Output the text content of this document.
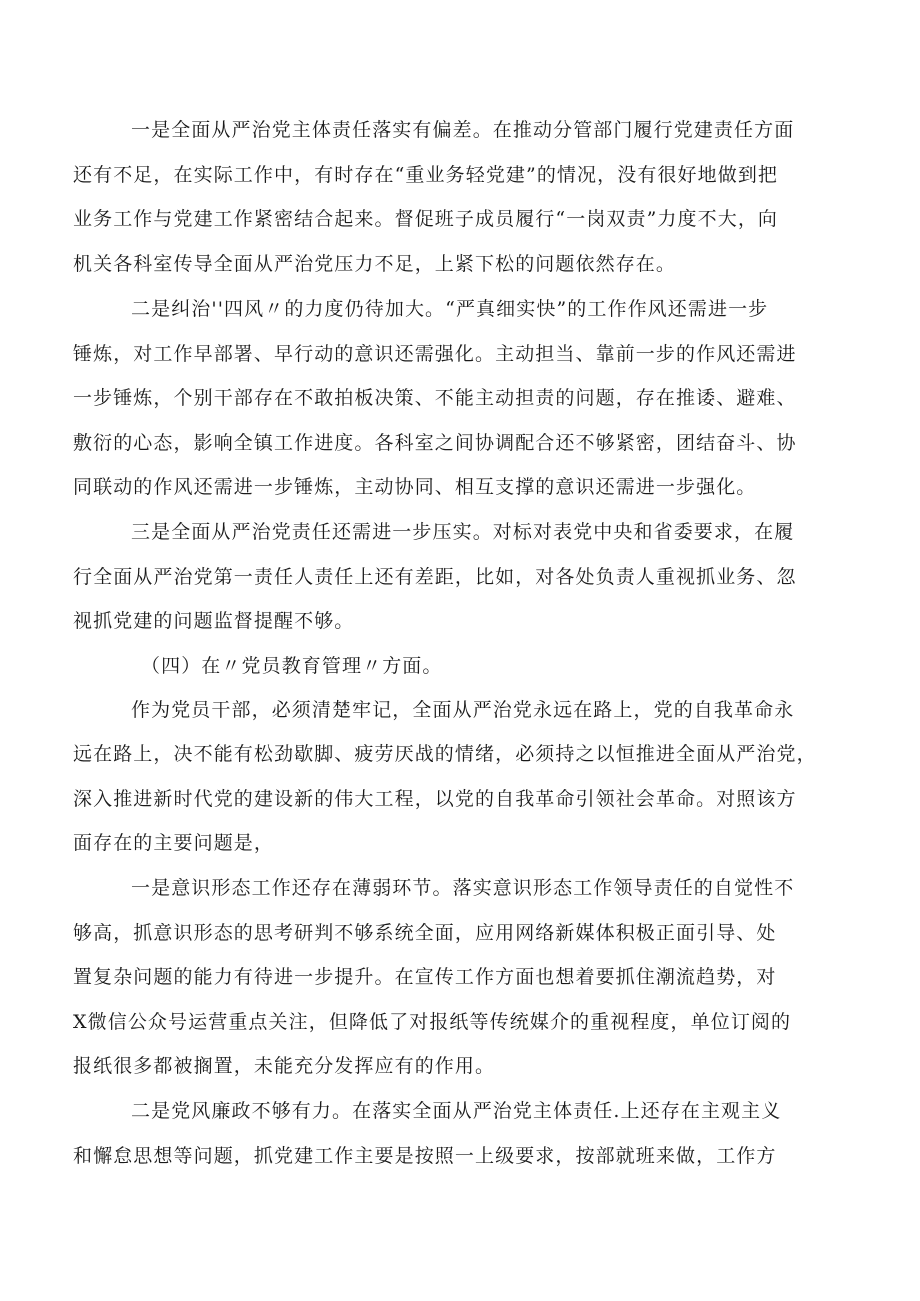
一是全面从严治党主体责任落实有偏差。在推动分管部门履行党建责任方面
还有不足，在实际工作中，有时存在“重业务轻党建”的情况，没有很好地做到把
业务工作与党建工作紧密结合起来。督促班子成员履行“一岗双责”力度不大，向
机关各科室传导全面从严治党压力不足，上紧下松的问题依然存在。
二是纠治''四风〃的力度仍待加大。“严真细实快”的工作作风还需进一步
锤炼，对工作早部署、早行动的意识还需强化。主动担当、靠前一步的作风还需进
一步锤炼，个别干部存在不敢拍板决策、不能主动担责的问题，存在推诿、避难、
敷衍的心态，影响全镇工作进度。各科室之间协调配合还不够紧密，团结奋斗、协
同联动的作风还需进一步锤炼，主动协同、相互支撑的意识还需进一步强化。
三是全面从严治党责任还需进一步压实。对标对表党中央和省委要求，在履
行全面从严治党第一责任人责任上还有差距，比如，对各处负责人重视抓业务、忽
视抓党建的问题监督提醒不够。
（四）在〃党员教育管理〃方面。
作为党员干部，必须清楚牢记，全面从严治党永远在路上，党的自我革命永
远在路上，决不能有松劲歇脚、疲劳厌战的情绪，必须持之以恒推进全面从严治党，
深入推进新时代党的建设新的伟大工程，以党的自我革命引领社会革命。对照该方
面存在的主要问题是，
一是意识形态工作还存在薄弱环节。落实意识形态工作领导责任的自觉性不
够高，抓意识形态的思考研判不够系统全面，应用网络新媒体积极正面引导、处
置复杂问题的能力有待进一步提升。在宣传工作方面也想着要抓住潮流趋势，对
X微信公众号运营重点关注，但降低了对报纸等传统媒介的重视程度，单位订阅的
报纸很多都被搁置，未能充分发挥应有的作用。
二是党风廉政不够有力。在落实全面从严治党主体责任.上还存在主观主义
和懈怠思想等问题，抓党建工作主要是按照一上级要求，按部就班来做，工作方
